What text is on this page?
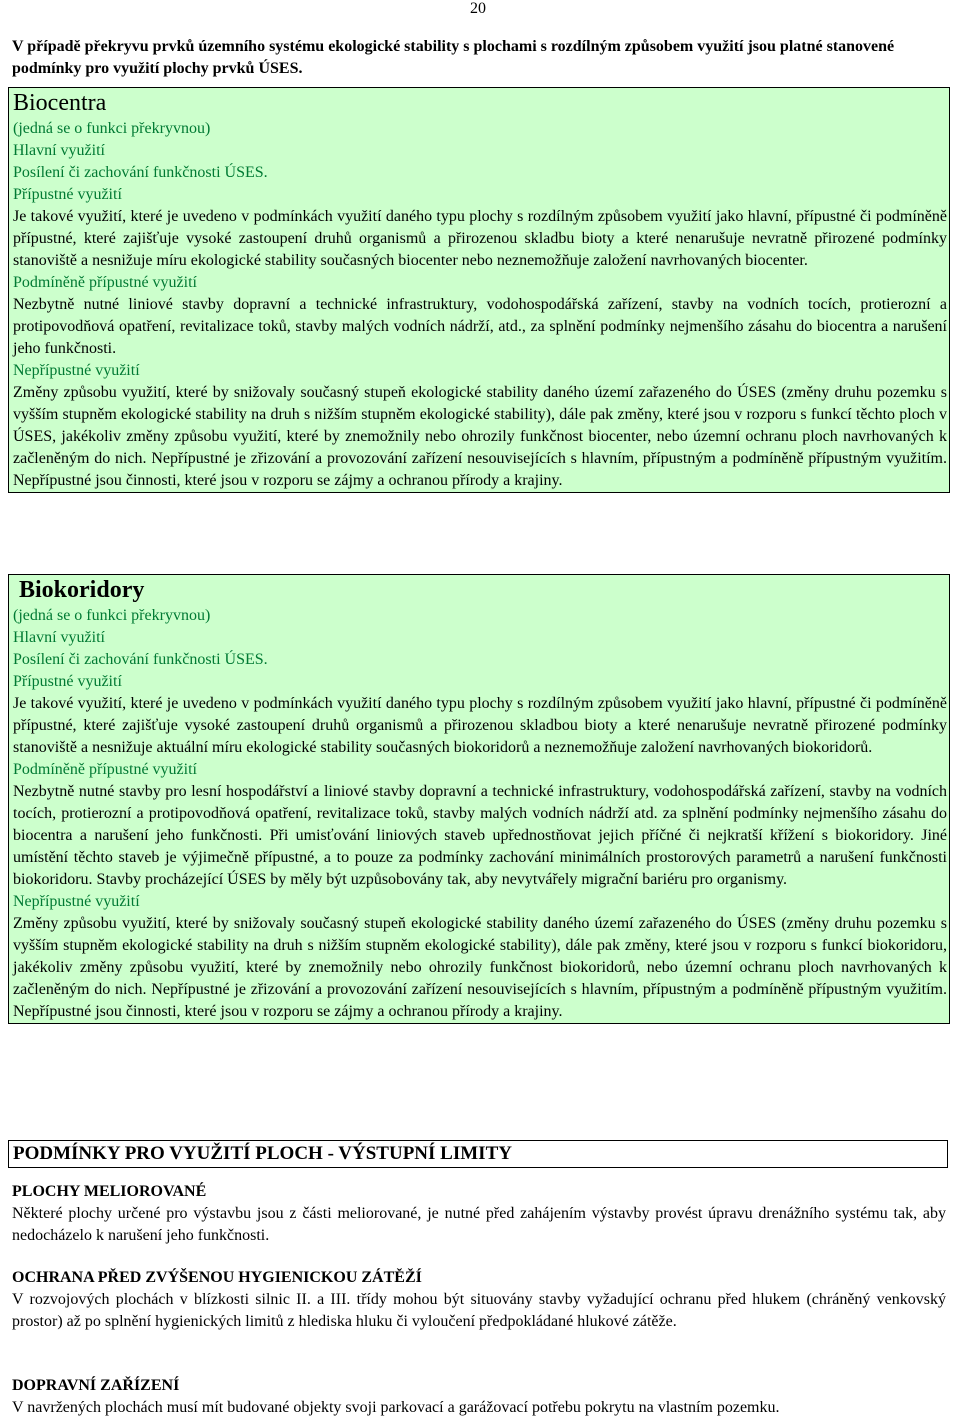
20
V případě překryvu prvků územního systému ekologické stability s plochami s rozdílným způsobem využití jsou platné stanovené podmínky pro využití plochy prvků ÚSES.
Biocentra
(jedná se o funkci překryvnou)
Hlavní využití
Posílení či zachování funkčnosti ÚSES.
Přípustné využití
Je takové využití, které je uvedeno v podmínkách využití daného typu plochy s rozdílným způsobem využití jako hlavní, přípustné či podmíněně přípustné, které zajišťuje vysoké zastoupení druhů organismů a přirozenou skladbu bioty a které nenarušuje nevratně přirozené podmínky stanoviště a nesnižuje míru ekologické stability současných biocenter nebo neznemožňuje založení navrhovaných biocenter.
Podmíněně přípustné využití
Nezbytně nutné liniové stavby dopravní a technické infrastruktury, vodohospodářská zařízení, stavby na vodních tocích, protierozní a protipovodňová opatření, revitalizace toků, stavby malých vodních nádrží, atd., za splnění podmínky nejmenšího zásahu do biocentra a narušení jeho funkčnosti.
Nepřípustné využití
Změny způsobu využití, které by snižovaly současný stupeň ekologické stability daného území zařazeného do ÚSES (změny druhu pozemku s vyšším stupněm ekologické stability na druh s nižším stupněm ekologické stability), dále pak změny, které jsou v rozporu s funkcí těchto ploch v ÚSES, jakékoliv změny způsobu využití, které by znemožnily nebo ohrozily funkčnost biocenter, nebo územní ochranu ploch navrhovaných k začleněným do nich. Nepřípustné je zřizování a provozování zařízení nesouvisejících s hlavním, přípustným a podmíněně přípustným využitím. Nepřípustné jsou činnosti, které jsou v rozporu se zájmy a ochranou přírody a krajiny.
Biokoridory
(jedná se o funkci překryvnou)
Hlavní využití
Posílení či zachování funkčnosti ÚSES.
Přípustné využití
Je takové využití, které je uvedeno v podmínkách využití daného typu plochy s rozdílným způsobem využití jako hlavní, přípustné či podmíněně přípustné, které zajišťuje vysoké zastoupení druhů organismů a přirozenou skladbou bioty a které nenarušuje nevratně přirozené podmínky stanoviště a nesnižuje aktuální míru ekologické stability současných biokoridorů a neznemožňuje založení navrhovaných biokoridorů.
Podmíněně přípustné využití
Nezbytně nutné stavby pro lesní hospodářství a liniové stavby dopravní a technické infrastruktury, vodohospodářská zařízení, stavby na vodních tocích, protierozní a protipovodňová opatření, revitalizace toků, stavby malých vodních nádrží atd. za splnění podmínky nejmenšího zásahu do biocentra a narušení jeho funkčnosti. Při umisťování liniových staveb upřednostňovat jejich příčné či nejkratší křížení s biokoridory. Jiné umístění těchto staveb je výjimečně přípustné, a to pouze za podmínky zachování minimálních prostorových parametrů a narušení funkčnosti biokoridoru. Stavby procházející ÚSES by měly být uzpůsobovány tak, aby nevytvářely migrační bariéru pro organismy.
Nepřípustné využití
Změny způsobu využití, které by snižovaly současný stupeň ekologické stability daného území zařazeného do ÚSES (změny druhu pozemku s vyšším stupněm ekologické stability na druh s nižším stupněm ekologické stability), dále pak změny, které jsou v rozporu s funkcí biokoridoru, jakékoliv změny způsobu využití, které by znemožnily nebo ohrozily funkčnost biokoridorů, nebo územní ochranu ploch navrhovaných k začleněným do nich. Nepřípustné je zřizování a provozování zařízení nesouvisejících s hlavním, přípustným a podmíněně přípustným využitím. Nepřípustné jsou činnosti, které jsou v rozporu se zájmy a ochranou přírody a krajiny.
PODMÍNKY PRO VYUŽITÍ PLOCH - VÝSTUPNÍ LIMITY
PLOCHY MELIOROVANÉ
Některé plochy určené pro výstavbu jsou z části meliorované, je nutné před zahájením výstavby provést úpravu drenážního systému tak, aby nedocházelo k narušení jeho funkčnosti.
OCHRANA PŘED ZVÝŠENOU HYGIENICKOU ZÁTĚŽÍ
V rozvojových plochách v blízkosti silnic II. a III. třídy mohou být situovány stavby vyžadující ochranu před hlukem (chráněný venkovský prostor) až po splnění hygienických limitů z hlediska hluku či vyloučení předpokládané hlukové zátěže.
DOPRAVNÍ ZAŘÍZENÍ
V navržených plochách musí mít budované objekty svoji parkovací a garážovací potřebu pokrytu na vlastním pozemku.
